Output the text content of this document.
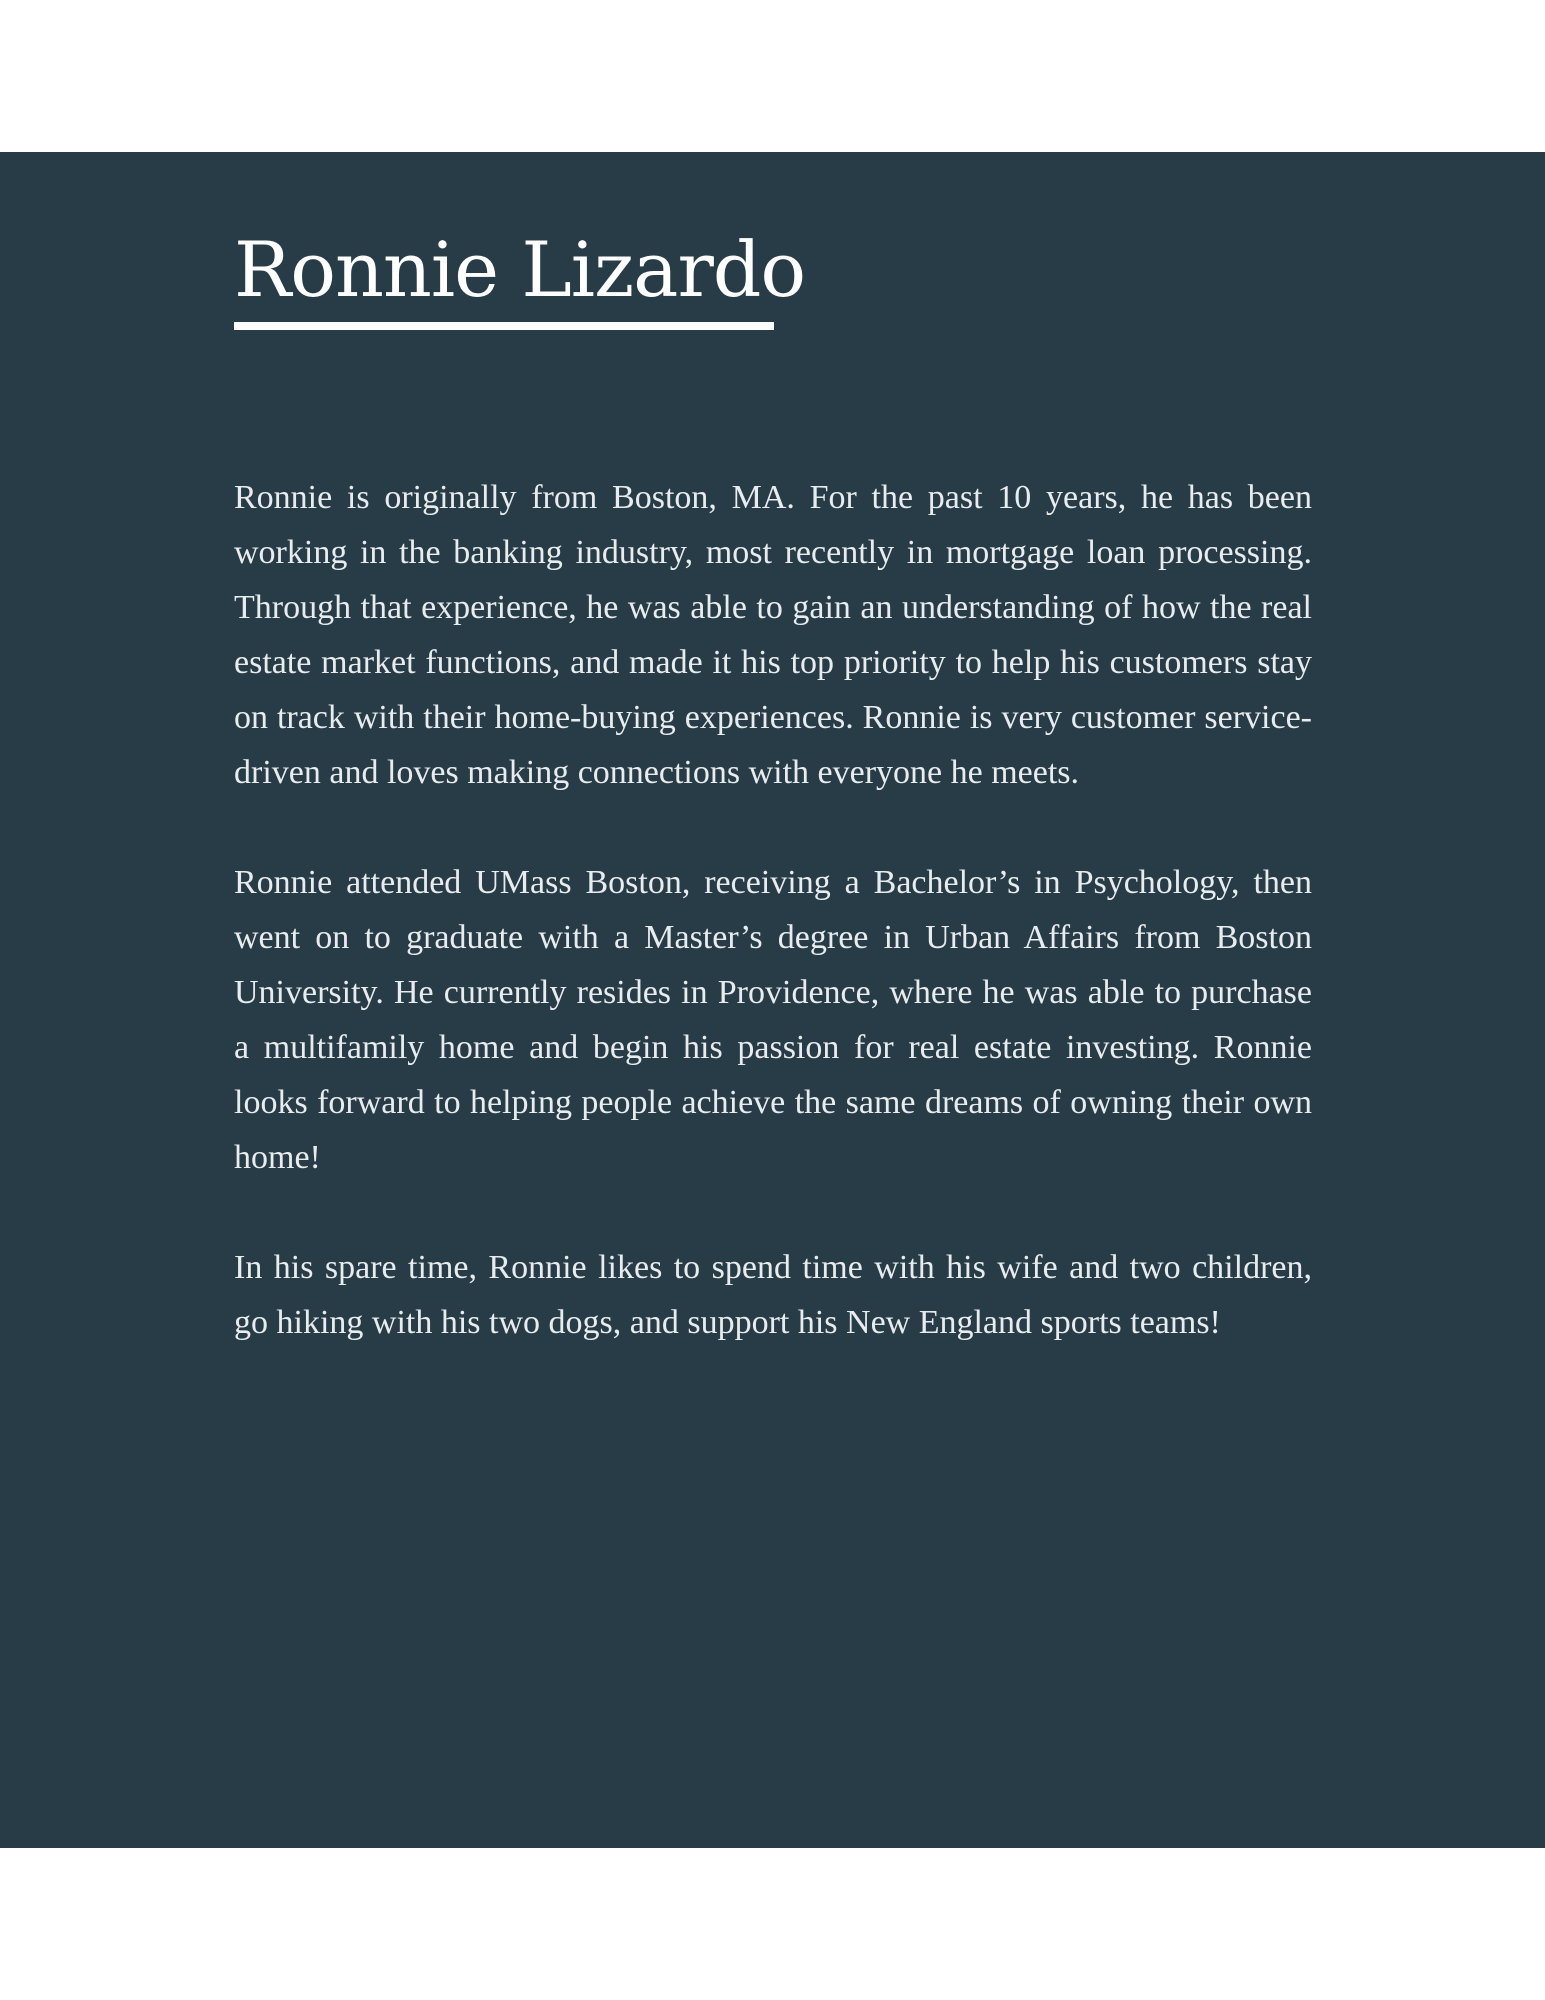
Ronnie Lizardo

Ronnie is originally from Boston, MA. For the past 10 years, he has been working in the banking industry, most recently in mortgage loan processing. Through that experience, he was able to gain an understanding of how the real estate market functions, and made it his top priority to help his customers stay on track with their home-buying experiences. Ronnie is very customer service-driven and loves making connections with everyone he meets.

Ronnie attended UMass Boston, receiving a Bachelor’s in Psychology, then went on to graduate with a Master’s degree in Urban Affairs from Boston University. He currently resides in Providence, where he was able to purchase a multifamily home and begin his passion for real estate investing. Ronnie looks forward to helping people achieve the same dreams of owning their own home!

In his spare time, Ronnie likes to spend time with his wife and two children, go hiking with his two dogs, and support his New England sports teams!
